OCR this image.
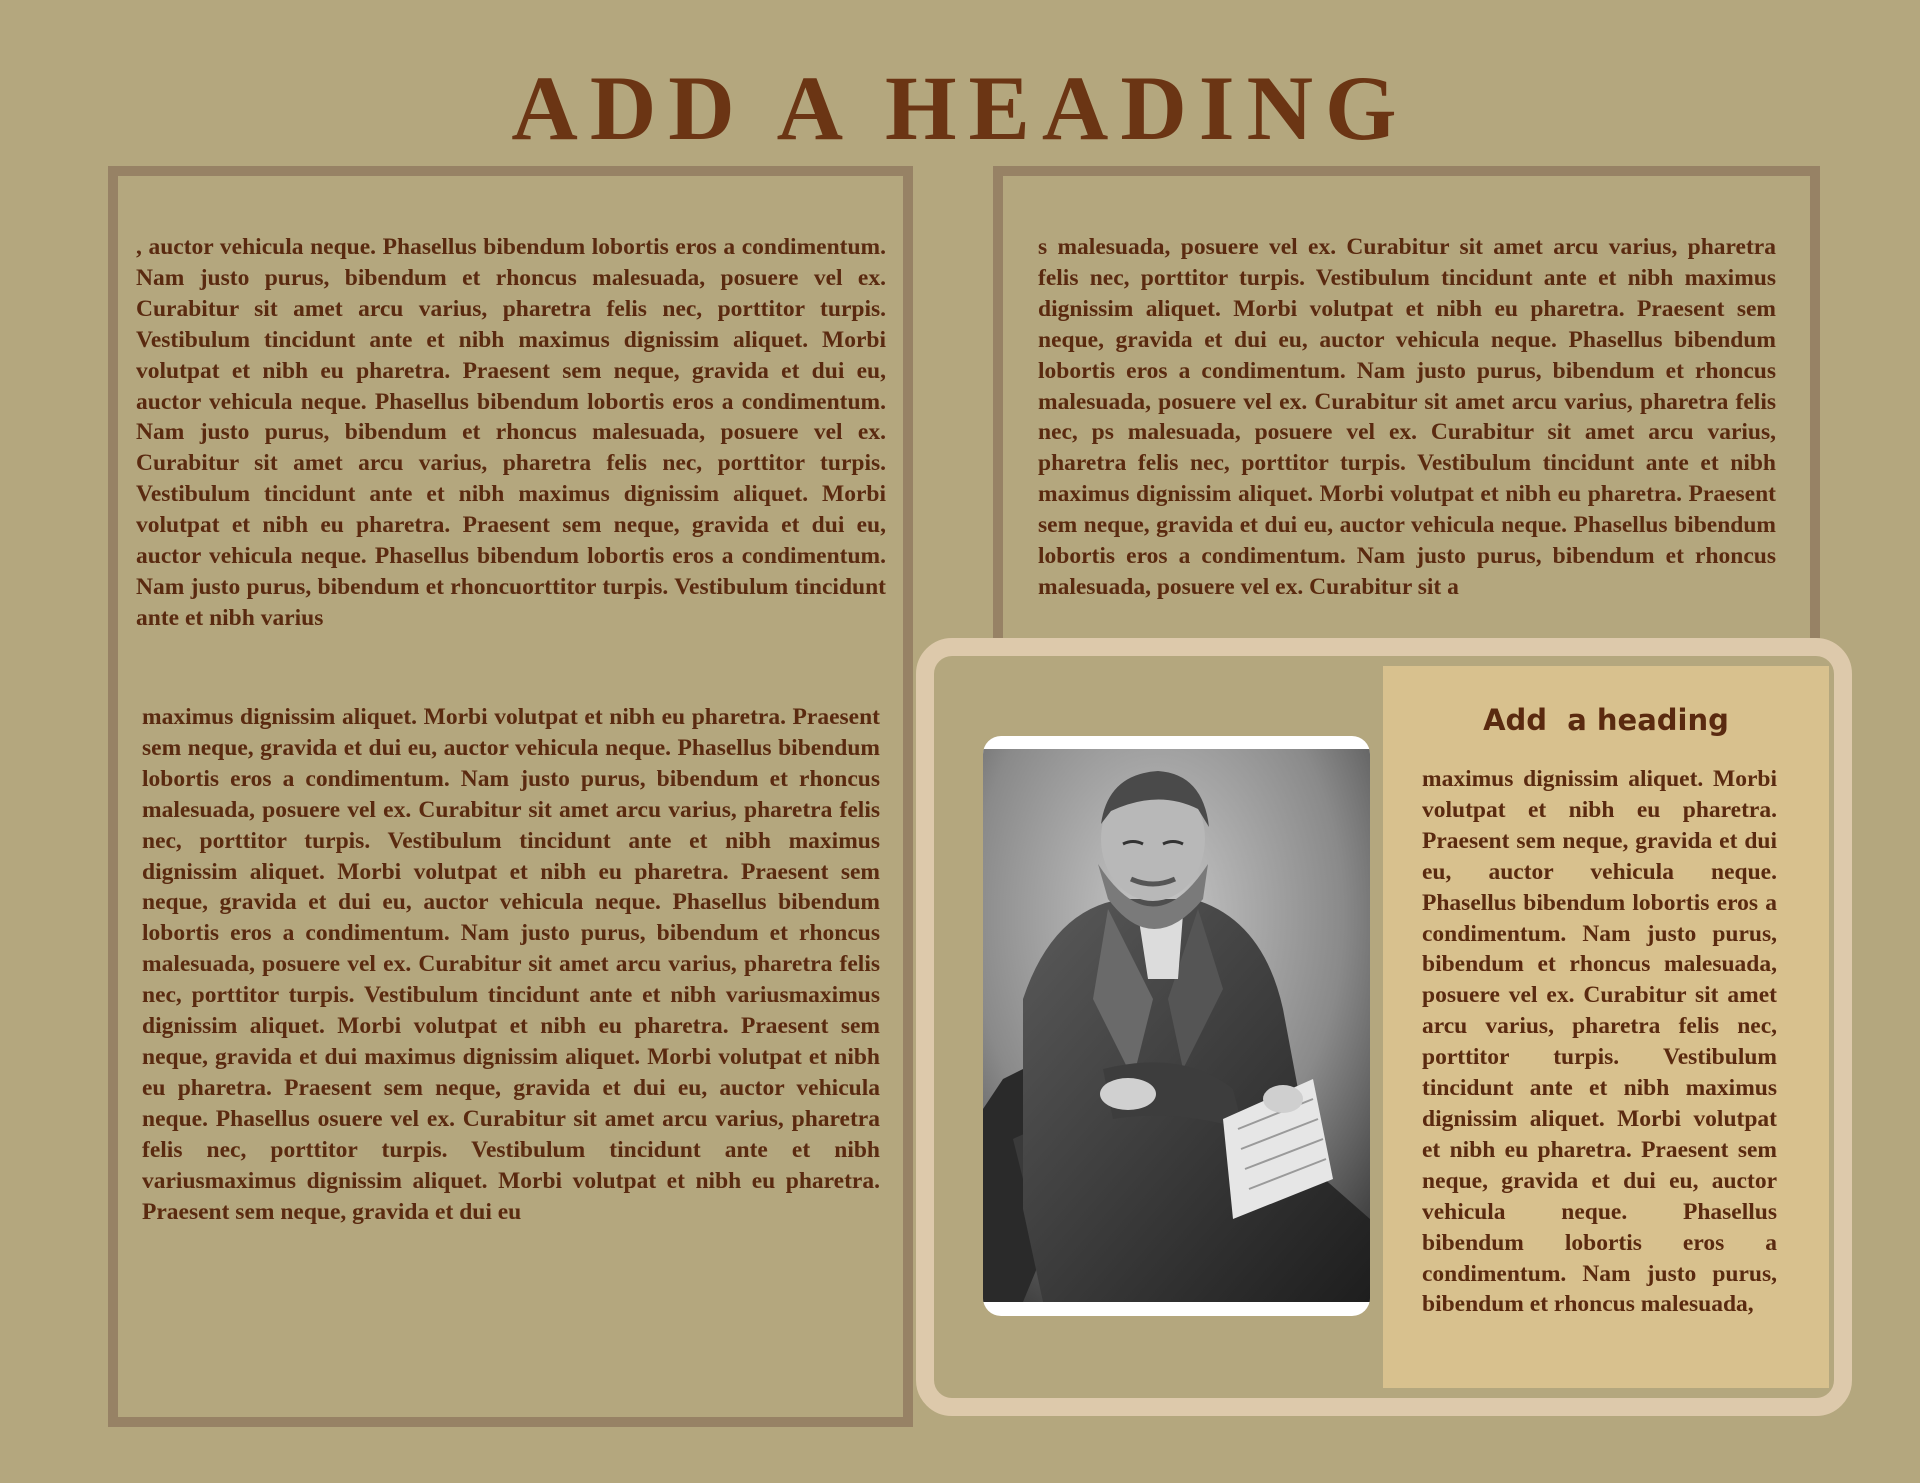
ADD A HEADING

, auctor vehicula neque. Phasellus bibendum lobortis eros a condimentum. Nam justo purus, bibendum et rhoncus malesuada, posuere vel ex. Curabitur sit amet arcu varius, pharetra felis nec, porttitor turpis. Vestibulum tincidunt ante et nibh maximus dignissim aliquet. Morbi volutpat et nibh eu pharetra. Praesent sem neque, gravida et dui eu, auctor vehicula neque. Phasellus bibendum lobortis eros a condimentum. Nam justo purus, bibendum et rhoncus malesuada, posuere vel ex. Curabitur sit amet arcu varius, pharetra felis nec, porttitor turpis. Vestibulum tincidunt ante et nibh maximus dignissim aliquet. Morbi volutpat et nibh eu pharetra. Praesent sem neque, gravida et dui eu, auctor vehicula neque. Phasellus bibendum lobortis eros a condimentum. Nam justo purus, bibendum et rhoncuorttitor turpis. Vestibulum tincidunt ante et nibh varius

maximus dignissim aliquet. Morbi volutpat et nibh eu pharetra. Praesent sem neque, gravida et dui eu, auctor vehicula neque. Phasellus bibendum lobortis eros a condimentum. Nam justo purus, bibendum et rhoncus malesuada, posuere vel ex. Curabitur sit amet arcu varius, pharetra felis nec, porttitor turpis. Vestibulum tincidunt ante et nibh maximus dignissim aliquet. Morbi volutpat et nibh eu pharetra. Praesent sem neque, gravida et dui eu, auctor vehicula neque. Phasellus bibendum lobortis eros a condimentum. Nam justo purus, bibendum et rhoncus malesuada, posuere vel ex. Curabitur sit amet arcu varius, pharetra felis nec, porttitor turpis. Vestibulum tincidunt ante et nibh variusmaximus dignissim aliquet. Morbi volutpat et nibh eu pharetra. Praesent sem neque, gravida et dui maximus dignissim aliquet. Morbi volutpat et nibh eu pharetra. Praesent sem neque, gravida et dui eu, auctor vehicula neque. Phasellus osuere vel ex. Curabitur sit amet arcu varius, pharetra felis nec, porttitor turpis. Vestibulum tincidunt ante et nibh variusmaximus dignissim aliquet. Morbi volutpat et nibh eu pharetra. Praesent sem neque, gravida et dui eu

s malesuada, posuere vel ex. Curabitur sit amet arcu varius, pharetra felis nec, porttitor turpis. Vestibulum tincidunt ante et nibh maximus dignissim aliquet. Morbi volutpat et nibh eu pharetra. Praesent sem neque, gravida et dui eu, auctor vehicula neque. Phasellus bibendum lobortis eros a condimentum. Nam justo purus, bibendum et rhoncus malesuada, posuere vel ex. Curabitur sit amet arcu varius, pharetra felis nec, ps malesuada, posuere vel ex. Curabitur sit amet arcu varius, pharetra felis nec, porttitor turpis. Vestibulum tincidunt ante et nibh maximus dignissim aliquet. Morbi volutpat et nibh eu pharetra. Praesent sem neque, gravida et dui eu, auctor vehicula neque. Phasellus bibendum lobortis eros a condimentum. Nam justo purus, bibendum et rhoncus malesuada, posuere vel ex. Curabitur sit a

Add  a heading

maximus dignissim aliquet. Morbi volutpat et nibh eu pharetra. Praesent sem neque, gravida et dui eu, auctor vehicula neque. Phasellus bibendum lobortis eros a condimentum. Nam justo purus, bibendum et rhoncus malesuada, posuere vel ex. Curabitur sit amet arcu varius, pharetra felis nec, porttitor turpis. Vestibulum tincidunt ante et nibh maximus dignissim aliquet. Morbi volutpat et nibh eu pharetra. Praesent sem neque, gravida et dui eu, auctor vehicula neque. Phasellus bibendum lobortis eros a condimentum. Nam justo purus, bibendum et rhoncus malesuada,
